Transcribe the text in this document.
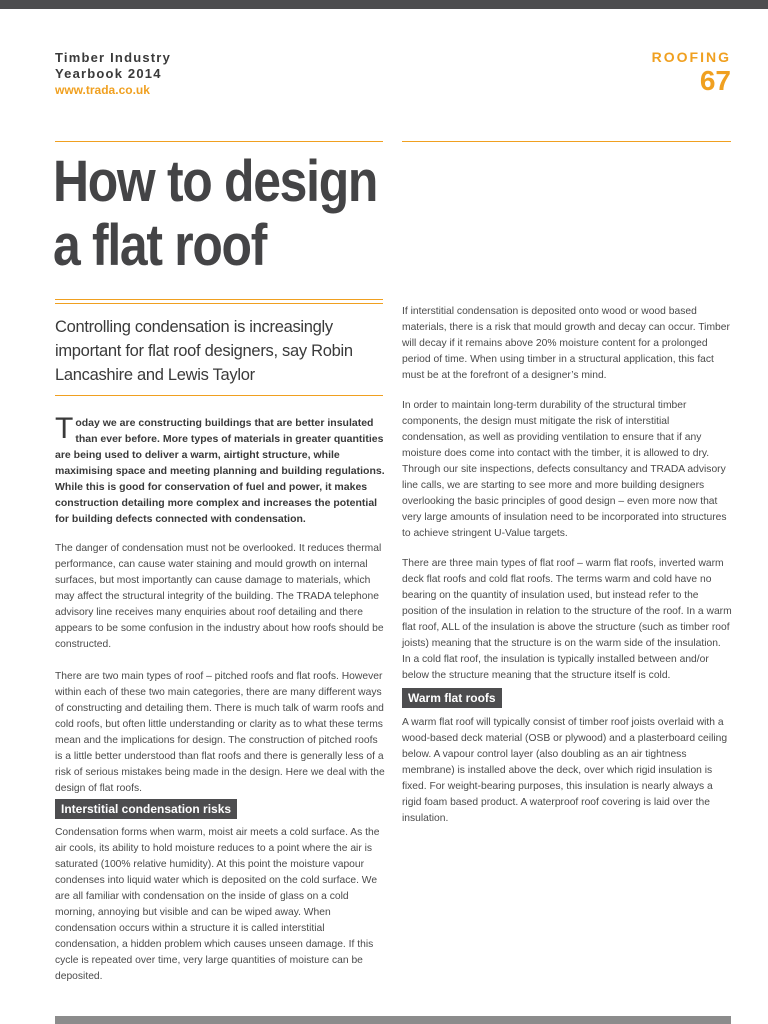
Timber Industry
Yearbook 2014
www.trada.co.uk
ROOFING
67
How to design
a flat roof
Controlling condensation is increasingly important for flat roof designers, say Robin Lancashire and Lewis Taylor
Today we are constructing buildings that are better insulated than ever before. More types of materials in greater quantities are being used to deliver a warm, airtight structure, while maximising space and meeting planning and building regulations. While this is good for conservation of fuel and power, it makes construction detailing more complex and increases the potential for building defects connected with condensation.
The danger of condensation must not be overlooked. It reduces thermal performance, can cause water staining and mould growth on internal surfaces, but most importantly can cause damage to materials, which may affect the structural integrity of the building. The TRADA telephone advisory line receives many enquiries about roof detailing and there appears to be some confusion in the industry about how roofs should be constructed.
There are two main types of roof – pitched roofs and flat roofs. However within each of these two main categories, there are many different ways of constructing and detailing them. There is much talk of warm roofs and cold roofs, but often little understanding or clarity as to what these terms mean and the implications for design. The construction of pitched roofs is a little better understood than flat roofs and there is generally less of a risk of serious mistakes being made in the design. Here we deal with the design of flat roofs.
Interstitial condensation risks
Condensation forms when warm, moist air meets a cold surface. As the air cools, its ability to hold moisture reduces to a point where the air is saturated (100% relative humidity). At this point the moisture vapour condenses into liquid water which is deposited on the cold surface. We are all familiar with condensation on the inside of glass on a cold morning, annoying but visible and can be wiped away. When condensation occurs within a structure it is called interstitial condensation, a hidden problem which causes unseen damage. If this cycle is repeated over time, very large quantities of moisture can be deposited.
If interstitial condensation is deposited onto wood or wood based materials, there is a risk that mould growth and decay can occur. Timber will decay if it remains above 20% moisture content for a prolonged period of time. When using timber in a structural application, this fact must be at the forefront of a designer’s mind.
In order to maintain long-term durability of the structural timber components, the design must mitigate the risk of interstitial condensation, as well as providing ventilation to ensure that if any moisture does come into contact with the timber, it is allowed to dry. Through our site inspections, defects consultancy and TRADA advisory line calls, we are starting to see more and more building designers overlooking the basic principles of good design – even more now that very large amounts of insulation need to be incorporated into structures to achieve stringent U-Value targets.
There are three main types of flat roof – warm flat roofs, inverted warm deck flat roofs and cold flat roofs. The terms warm and cold have no bearing on the quantity of insulation used, but instead refer to the position of the insulation in relation to the structure of the roof. In a warm flat roof, ALL of the insulation is above the structure (such as timber roof joists) meaning that the structure is on the warm side of the insulation. In a cold flat roof, the insulation is typically installed between and/or below the structure meaning that the structure itself is cold.
Warm flat roofs
A warm flat roof will typically consist of timber roof joists overlaid with a wood-based deck material (OSB or plywood) and a plasterboard ceiling below. A vapour control layer (also doubling as an air tightness membrane) is installed above the deck, over which rigid insulation is fixed. For weight-bearing purposes, this insulation is nearly always a rigid foam based product. A waterproof roof covering is laid over the insulation.
